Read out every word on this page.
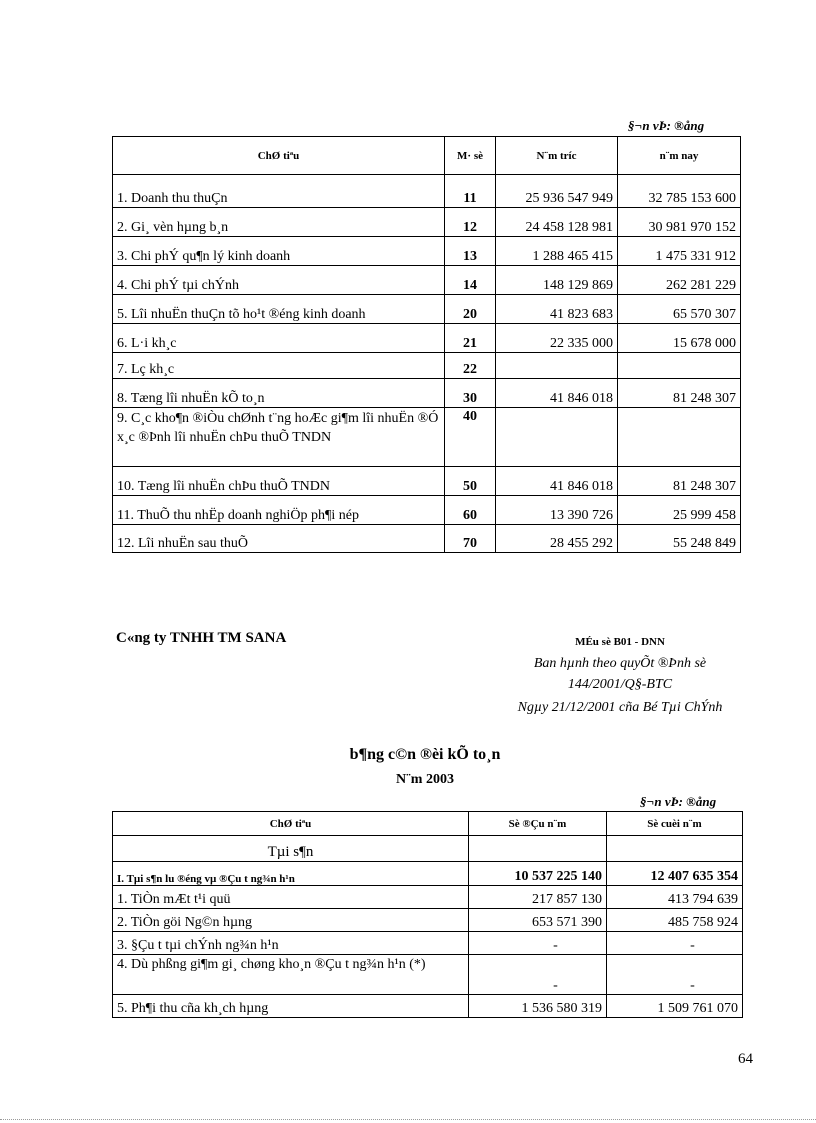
§¬n vÞ: ®ång
ChØ tiªu	M· sè	N¨m tríc	n¨m nay
1. Doanh thu thuÇn	11	25 936 547 949	32 785 153 600
2. Gi¸ vèn hµng b¸n	12	24 458 128 981	30 981 970 152
3. Chi phÝ qu¶n lý kinh doanh	13	1 288 465 415	1 475 331 912
4. Chi phÝ tµi chÝnh	14	148 129 869	262 281 229
5. Lîi nhuËn thuÇn tõ ho¹t ®éng kinh doanh	20	41 823 683	65 570 307
6. L·i kh¸c	21	22 335 000	15 678 000
7. Lç kh¸c	22		
8. Tæng lîi nhuËn kÕ to¸n	30	41 846 018	81 248 307
9. C¸c kho¶n ®iÒu chØnh t¨ng hoÆc gi¶m lîi nhuËn ®Ó x¸c ®Þnh lîi nhuËn chÞu thuÕ TNDN	40		
10. Tæng lîi nhuËn chÞu thuÕ TNDN	50	41 846 018	81 248 307
11. ThuÕ thu nhËp doanh nghiÖp ph¶i nép	60	13 390 726	25 999 458
12. Lîi nhuËn sau thuÕ	70	28 455 292	55 248 849
C«ng ty TNHH TM SANA	MÉu sè B01 - DNN
Ban hµnh theo quyÕt ®Þnh sè
144/2001/Q§-BTC
Ngµy 21/12/2001 cña Bé Tµi ChÝnh
b¶ng c©n ®èi kÕ to¸n
N¨m 2003
§¬n vÞ: ®ång
ChØ tiªu	Sè ®Çu n¨m	Sè cuèi n¨m
Tµi s¶n		
I. Tµi s¶n lu ®éng vµ ®Çu t ng¾n h¹n	10 537 225 140	12 407 635 354
1. TiÒn mÆt t¹i quü	217 857 130	413 794 639
2. TiÒn göi Ng©n hµng	653 571 390	485 758 924
3. §Çu t tµi chÝnh ng¾n h¹n	-	-
4. Dù phßng gi¶m gi¸ chøng kho¸n ®Çu t ng¾n h¹n (*)	-	-
5. Ph¶i thu cña kh¸ch hµng	1 536 580 319	1 509 761 070
64
